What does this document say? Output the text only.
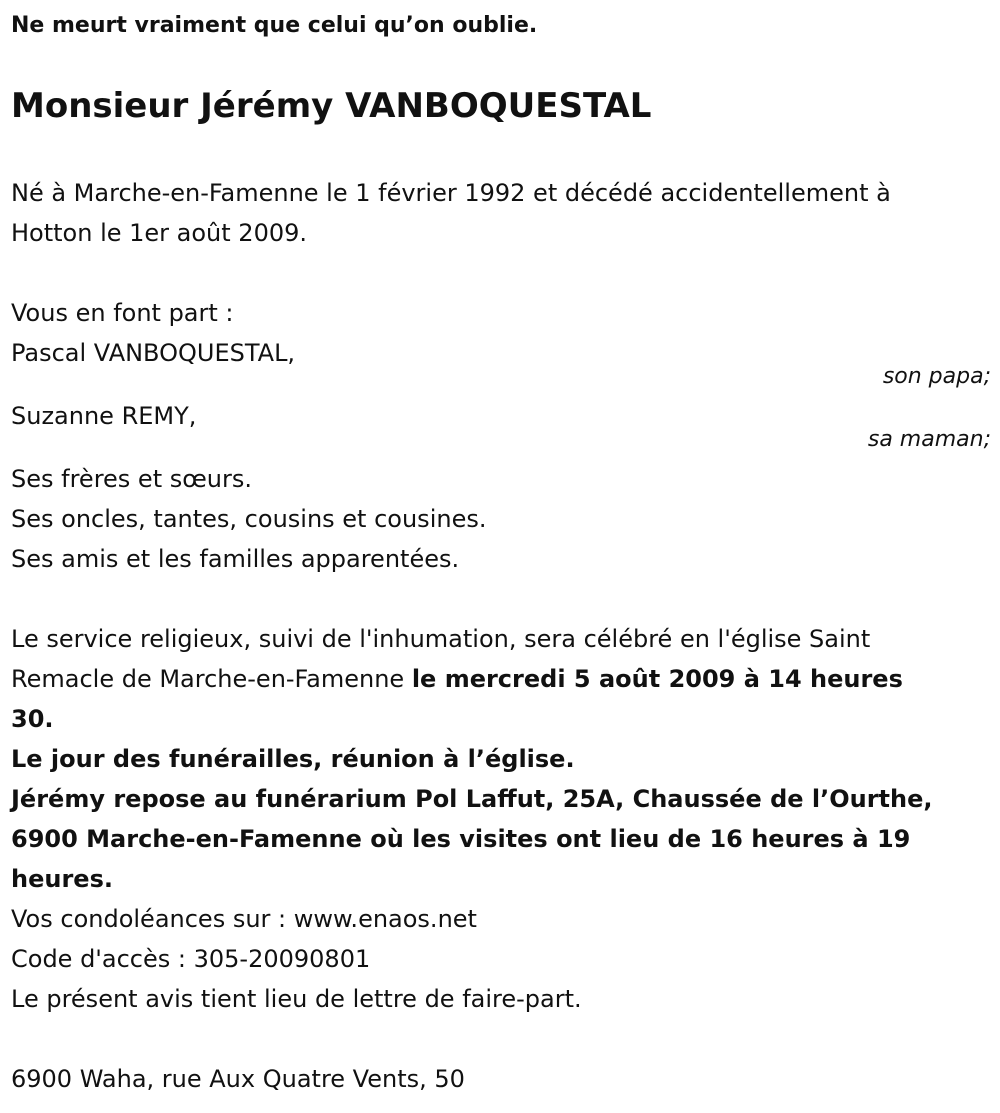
Ne meurt vraiment que celui qu’on oublie.
Monsieur Jérémy VANBOQUESTAL
Né à Marche-en-Famenne le 1 février 1992 et décédé accidentellement à
Hotton le 1er août 2009.
Vous en font part :
Pascal VANBOQUESTAL,
son papa;
Suzanne REMY,
sa maman;
Ses frères et sœurs.
Ses oncles, tantes, cousins et cousines.
Ses amis et les familles apparentées.
Le service religieux, suivi de l'inhumation, sera célébré en l'église Saint
Remacle de Marche-en-Famenne le mercredi 5 août 2009 à 14 heures
30.
Le jour des funérailles, réunion à l’église.
Jérémy repose au funérarium Pol Laffut, 25A, Chaussée de l’Ourthe,
6900 Marche-en-Famenne où les visites ont lieu de 16 heures à 19
heures.
Vos condoléances sur : www.enaos.net
Code d'accès : 305-20090801
Le présent avis tient lieu de lettre de faire-part.
6900 Waha, rue Aux Quatre Vents, 50
